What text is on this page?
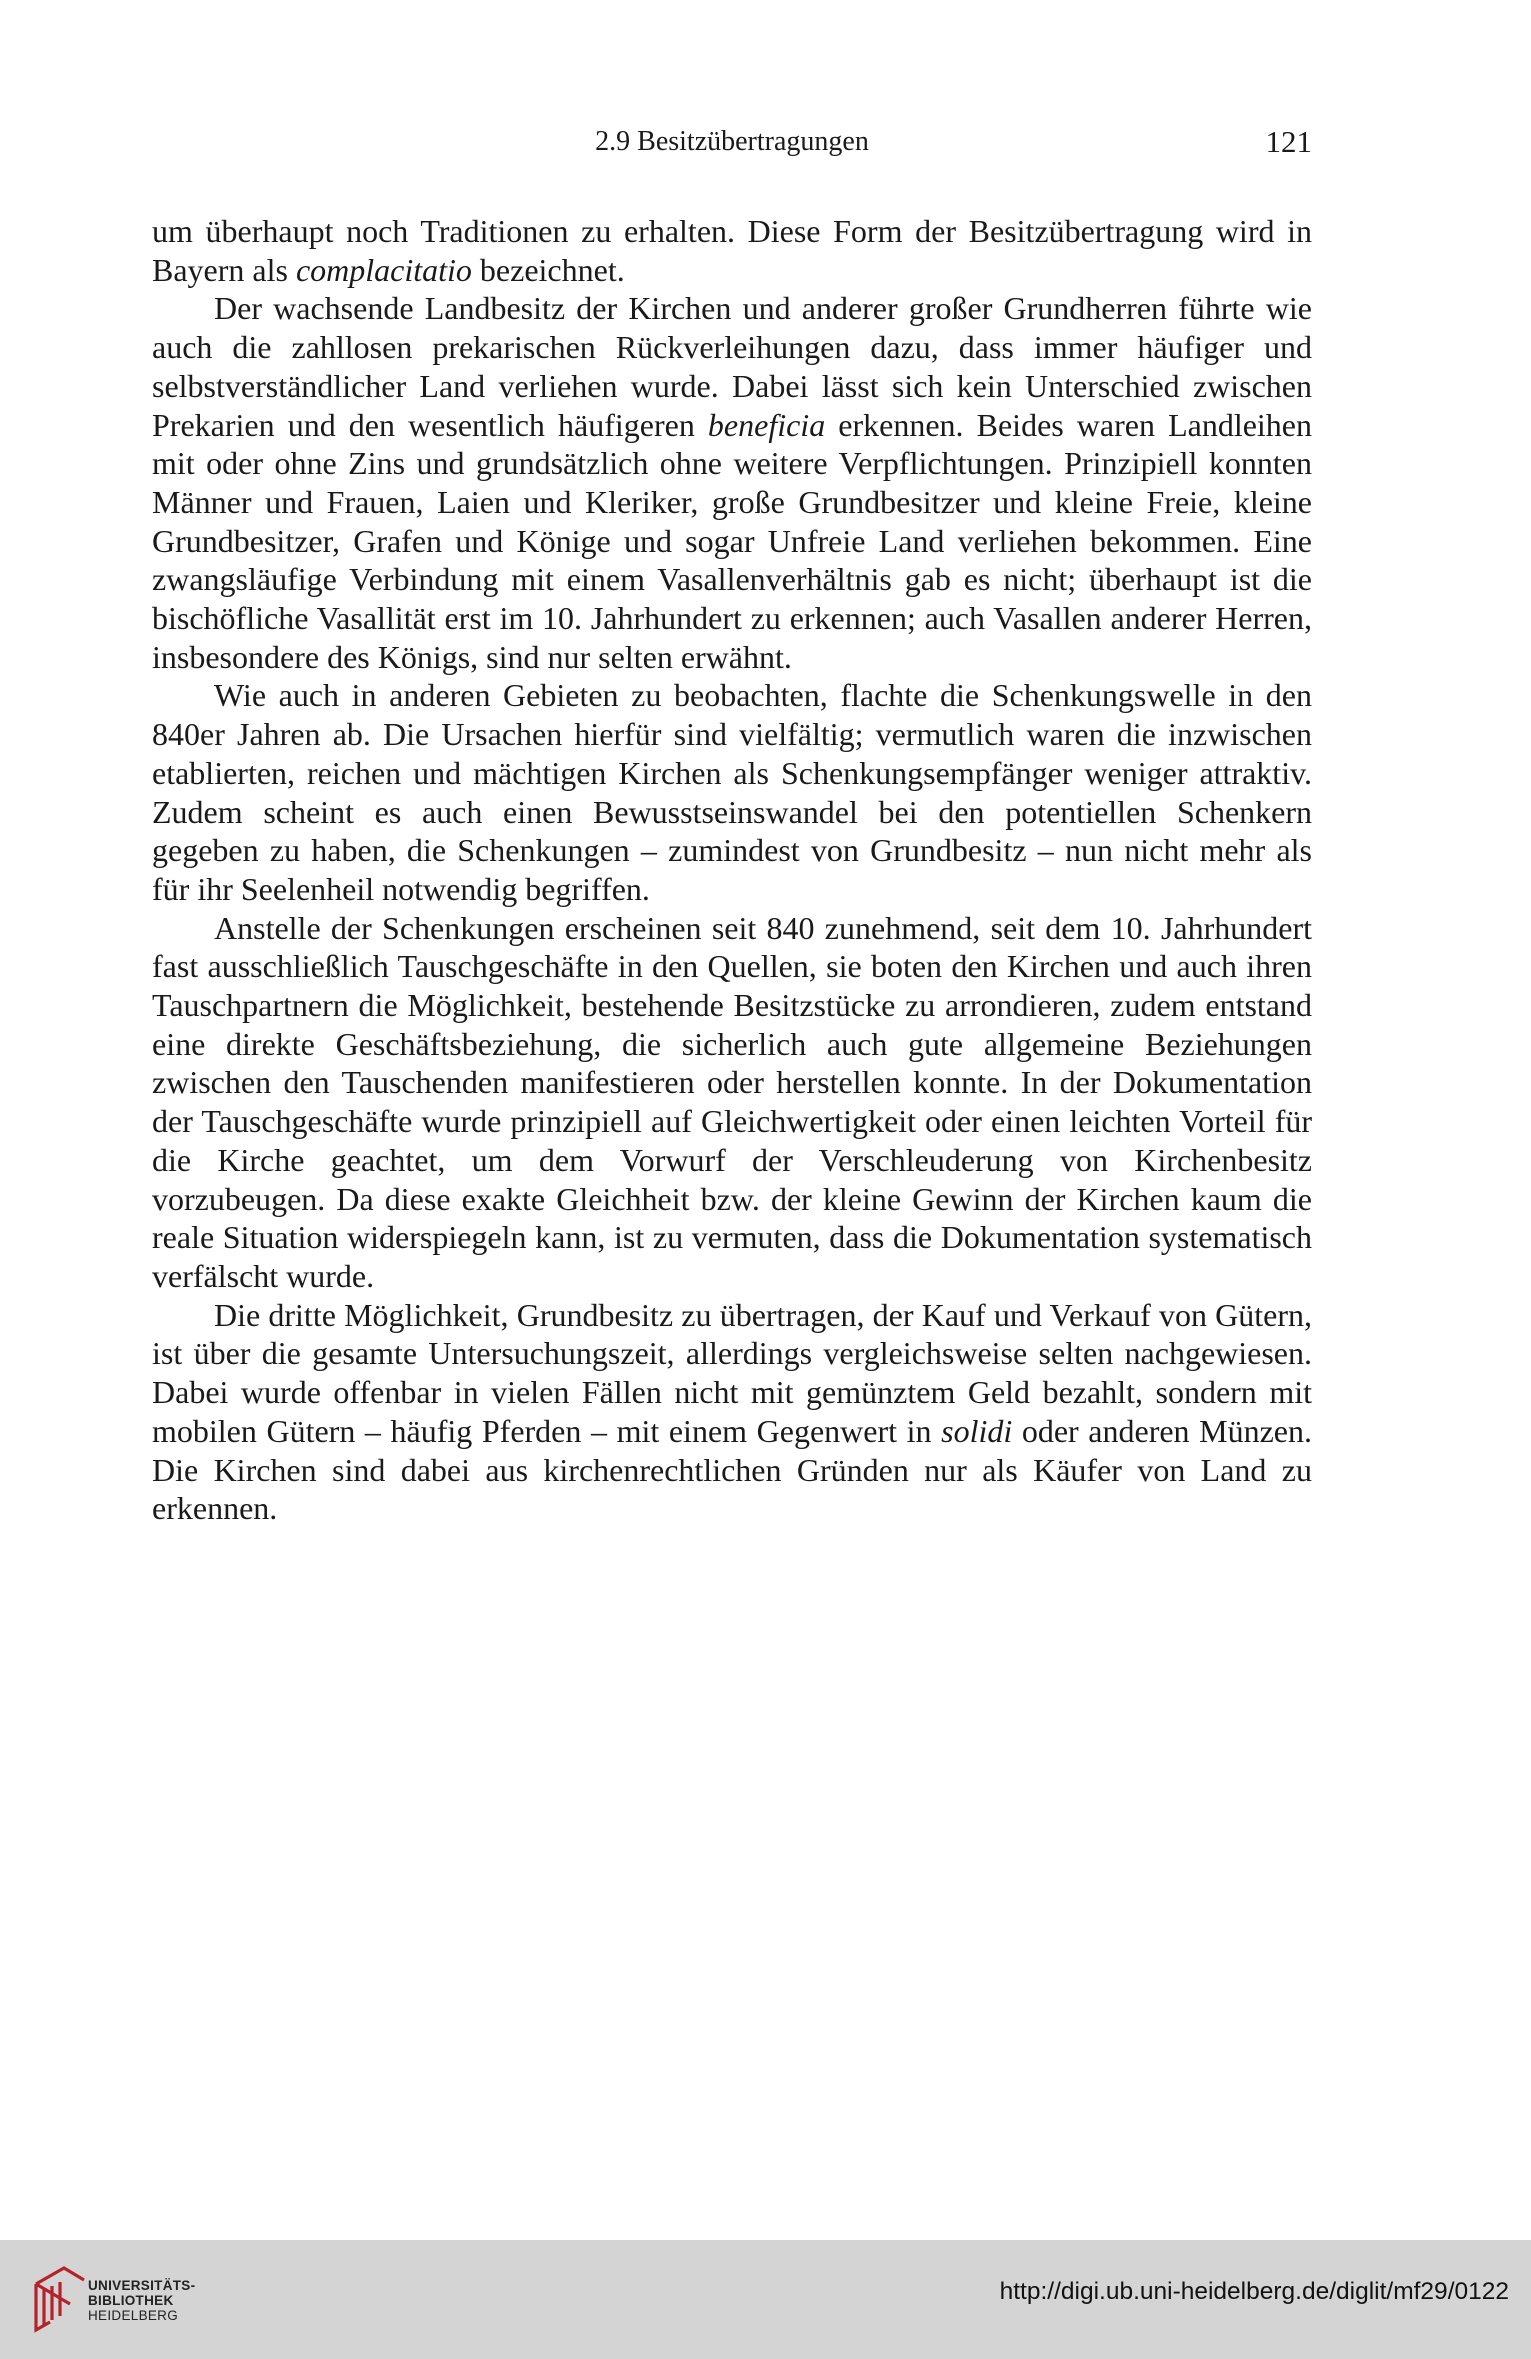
2.9 Besitzübertragungen	121

um überhaupt noch Traditionen zu erhalten. Diese Form der Besitzübertragung wird in Bayern als complacitatio bezeichnet.

Der wachsende Landbesitz der Kirchen und anderer großer Grundherren führte wie auch die zahllosen prekarischen Rückverleihungen dazu, dass immer häufiger und selbstverständlicher Land verliehen wurde. Dabei lässt sich kein Unterschied zwischen Prekarien und den wesentlich häufigeren beneficia erkennen. Beides waren Landleihen mit oder ohne Zins und grundsätzlich ohne weitere Verpflichtungen. Prinzipiell konnten Männer und Frauen, Laien und Kleriker, große Grundbesitzer und kleine Freie, kleine Grundbesitzer, Grafen und Könige und sogar Unfreie Land verliehen bekommen. Eine zwangsläufige Verbindung mit einem Vasallenverhältnis gab es nicht; überhaupt ist die bischöfliche Vasallität erst im 10. Jahrhundert zu erkennen; auch Vasallen anderer Herren, insbesondere des Königs, sind nur selten erwähnt.

Wie auch in anderen Gebieten zu beobachten, flachte die Schenkungswelle in den 840er Jahren ab. Die Ursachen hierfür sind vielfältig; vermutlich waren die inzwischen etablierten, reichen und mächtigen Kirchen als Schenkungsempfänger weniger attraktiv. Zudem scheint es auch einen Bewusstseinswandel bei den potentiellen Schenkern gegeben zu haben, die Schenkungen – zumindest von Grundbesitz – nun nicht mehr als für ihr Seelenheil notwendig begriffen.

Anstelle der Schenkungen erscheinen seit 840 zunehmend, seit dem 10. Jahrhundert fast ausschließlich Tauschgeschäfte in den Quellen, sie boten den Kirchen und auch ihren Tauschpartnern die Möglichkeit, bestehende Besitzstücke zu arrondieren, zudem entstand eine direkte Geschäftsbeziehung, die sicherlich auch gute allgemeine Beziehungen zwischen den Tauschenden manifestieren oder herstellen konnte. In der Dokumentation der Tauschgeschäfte wurde prinzipiell auf Gleichwertigkeit oder einen leichten Vorteil für die Kirche geachtet, um dem Vorwurf der Verschleuderung von Kirchenbesitz vorzubeugen. Da diese exakte Gleichheit bzw. der kleine Gewinn der Kirchen kaum die reale Situation widerspiegeln kann, ist zu vermuten, dass die Dokumentation systematisch verfälscht wurde.

Die dritte Möglichkeit, Grundbesitz zu übertragen, der Kauf und Verkauf von Gütern, ist über die gesamte Untersuchungszeit, allerdings vergleichsweise selten nachgewiesen. Dabei wurde offenbar in vielen Fällen nicht mit gemünztem Geld bezahlt, sondern mit mobilen Gütern – häufig Pferden – mit einem Gegenwert in solidi oder anderen Münzen. Die Kirchen sind dabei aus kirchenrechtlichen Gründen nur als Käufer von Land zu erkennen.

UNIVERSITÄTS-
BIBLIOTHEK
HEIDELBERG
http://digi.ub.uni-heidelberg.de/diglit/mf29/0122
